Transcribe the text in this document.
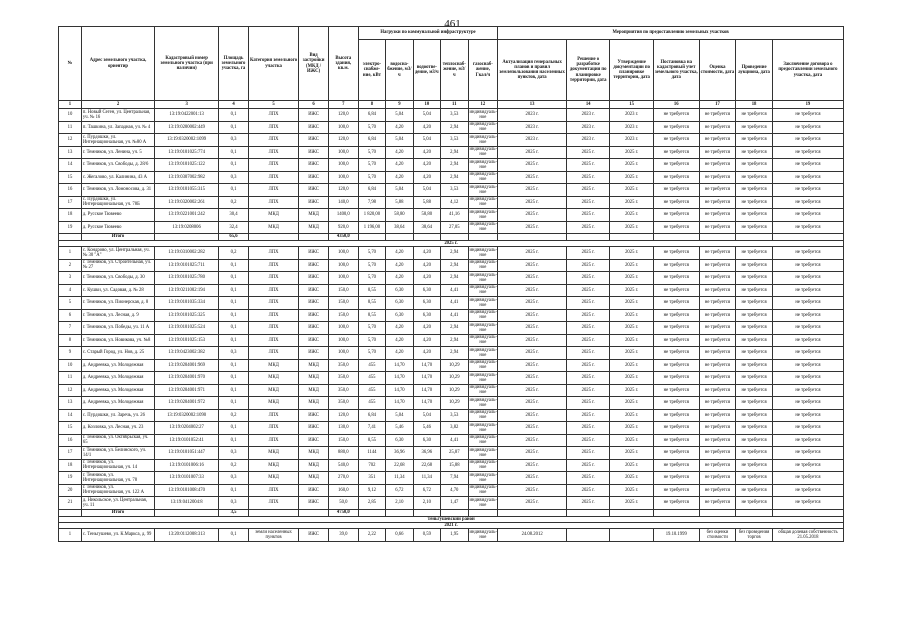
461
№	Адрес земельного участка, ориентир	Кадастровый номер земельного участка (при наличии)	Площадь земельного участка, га	Категория земельного участка	Вид застройки (МКД / ИЖС)	Высота здания, кв.м.	Нагрузки по коммунальной инфраструктуре					Мероприятия по предоставлению земельных участков						
							электро-снабже-ние, кВт	водосна-бжение, м3/ч	водоотве-дение, м3/ч	теплоснаб-жение, м3/ч	газоснаб-жение, Гкал/ч	Актуализация генеральных планов и правил землепользования населенных пунктов, дата	Решение о разработке документации по планировке территории, дата	Утверждение документации по планировке территории, дата	Постановка на кадастровый учет земельного участка, дата	Оценка стоимости, дата	Проведение аукциона, дата	Заключение договора о предоставлении земельного участка, дата
1	2	3	4	5	6	7	8	9	10	11	12	13	14	15	16	17	18	19
10	п. Новый Сеген, ул. Центральная, уч. № 16	13:19:0422001:13	0,1	ЛПХ	ИЖС	120,0	6,84	5,04	5,04	3,53	индивидуаль-ное	2023 г.	2023 г.	2023 г.	не требуется	не требуется	не требуется	не требуется
11	п. Ташкина, ул. Западная, уч. № 4	13:19:0200002:449	0,1	ЛПХ	ИЖС	100,0	5,70	4,20	4,20	2,94	индивидуаль-ное	2023 г.	2023 г.	2023 г.	не требуется	не требуется	не требуется	не требуется
12	с. Пурдошки, ул. Интернациональная, уч. №80 А	13:19:0320002:1099	0,3	ЛПХ	ИЖС	120,0	6,84	5,04	5,04	3,53	индивидуаль-ное	2023 г.	2023 г.	2023 г.	не требуется	не требуется	не требуется	не требуется
13	г. Темников, ул. Ленина, уч. 5	13:19:0101025:774	0,1	ЛПХ	ИЖС	100,0	5,70	4,20	4,20	2,94	индивидуаль-ное	2025 г.	2025 г.	2025 г.	не требуется	не требуется	не требуется	не требуется
14	г. Темников, ул. Свободы, д. 28/6	13:19:0101025:122	0,1	ЛПХ	ИЖС	100,0	5,70	4,20	4,20	2,94	индивидуаль-ное	2025 г.	2025 г.	2025 г.	не требуется	не требуется	не требуется	не требуется
15	с. Жегалово, ул. Калинина, 43 А	13:19:0307002:982	0,3	ЛПХ	ИЖС	100,0	5,70	4,20	4,20	2,94	индивидуаль-ное	2025 г.	2025 г.	2025 г.	не требуется	не требуется	не требуется	не требуется
16	г. Темников, ул. Ломоносова, д. 31	13:19:0101055:315	0,1	ЛПХ	ИЖС	120,0	6,84	5,04	5,04	3,53	индивидуаль-ное	2025 г.	2025 г.	2025 г.	не требуется	не требуется	не требуется	не требуется
17	с. Пурдошки, ул. Интернациональная, уч. 78Б	13:19:0320002:261	0,2	ЛПХ	ИЖС	140,0	7,98	5,88	5,88	4,12	индивидуаль-ное	2025 г.	2025 г.	2025 г.	не требуется	не требуется	не требуется	не требуется
18	д. Русское Тювеево	13:19:0221001:242	30,4	МКД	МКД	1400,0	1 820,00	58,80	58,80	41,16	индивидуаль-ное	2025 г.	2025 г.	2025 г.	не требуется	не требуется	не требуется	не требуется
19	д. Русское Тювеево	13:19:0208006	32,4	МКД	МКД	920,0	1 196,00	38,64	38,64	27,05	индивидуаль-ное	2025 г.	2025 г.	2025 г.	не требуется	не требуется	не требуется	не требуется
	Итого		65,6			4350,0												
2025 г.																		
1	с. Кондрово, ул. Центральная, уч. № 30 "А"	13:19:0310002:282	0,2	ЛПХ	ИЖС	100,0	5,70	4,20	4,20	2,94	индивидуаль-ное	2025 г.	2025 г.	2025 г.	не требуется	не требуется	не требуется	не требуется
2	г. Темников, ул. Строительная, уч. № 27	13:19:0101025:711	0,1	ЛПХ	ИЖС	100,0	5,70	4,20	4,20	2,94	индивидуаль-ное	2025 г.	2025 г.	2025 г.	не требуется	не требуется	не требуется	не требуется
3	г. Темников, ул. Свободы, д. 30	13:19:0101025:780	0,1	ЛПХ	ИЖС	100,0	5,70	4,20	4,20	2,94	индивидуаль-ное	2025 г.	2025 г.	2025 г.	не требуется	не требуется	не требуется	не требуется
4	с. Кушки, ул. Садовая, д. № 28	13:19:0211002:194	0,1	ЛПХ	ИЖС	150,0	8,55	6,30	6,30	4,41	индивидуаль-ное	2025 г.	2025 г.	2025 г.	не требуется	не требуется	не требуется	не требуется
5	г. Темников, ул. Пионерская, д. 8	13:19:0101035:334	0,1	ЛПХ	ИЖС	150,0	8,55	6,30	6,30	4,41	индивидуаль-ное	2025 г.	2025 г.	2025 г.	не требуется	не требуется	не требуется	не требуется
6	г. Темников, ул. Лесная, д. 9	13:19:0101025:325	0,1	ЛПХ	ИЖС	150,0	8,55	6,30	6,30	4,41	индивидуаль-ное	2025 г.	2025 г.	2025 г.	не требуется	не требуется	не требуется	не требуется
7	г. Темников, ул. Победы, уч. 11 А	13:19:0101025:524	0,1	ЛПХ	ИЖС	100,0	5,70	4,20	4,20	2,94	индивидуаль-ное	2025 г.	2025 г.	2025 г.	не требуется	не требуется	не требуется	не требуется
8	г. Темников, ул. Новикова, уч. №8	13:19:0101025:153	0,1	ЛПХ	ИЖС	100,0	5,70	4,20	4,20	2,94	индивидуаль-ное	2025 г.	2025 г.	2025 г.	не требуется	не требуется	не требуется	не требуется
9	с. Старый Город, ул. Нов, д. 25	13:19:0423002:382	0,3	ЛПХ	ИЖС	100,0	5,70	4,20	4,20	2,94	индивидуаль-ное	2025 г.	2025 г.	2025 г.	не требуется	не требуется	не требуется	не требуется
10	д. Андреевка, ул. Молодежная	13:19:0204001:969	0,1	МКД	МКД	350,0	455	14,70	14,70	10,29	индивидуаль-ное	2025 г.	2025 г.	2025 г.	не требуется	не требуется	не требуется	не требуется
11	д. Андреевка, ул. Молодежная	13:19:0204001:970	0,1	МКД	МКД	350,0	455	14,70	14,70	10,29	индивидуаль-ное	2025 г.	2025 г.	2025 г.	не требуется	не требуется	не требуется	не требуется
12	д. Андреевка, ул. Молодежная	13:19:0204001:971	0,1	МКД	МКД	350,0	455	14,70	14,70	10,29	индивидуаль-ное	2025 г.	2025 г.	2025 г.	не требуется	не требуется	не требуется	не требуется
13	д. Андреевка, ул. Молодежная	13:19:0204001:972	0,1	МКД	МКД	350,0	455	14,70	14,70	10,29	индивидуаль-ное	2025 г.	2025 г.	2025 г.	не требуется	не требуется	не требуется	не требуется
14	с. Пурдошки, ул. Заречь, уч. 26	13:19:0320002:1090	0,2	ЛПХ	ИЖС	120,0	6,84	5,04	5,04	3,53	индивидуаль-ное	2025 г.	2025 г.	2025 г.	не требуется	не требуется	не требуется	не требуется
15	д. Козловка, ул. Лесная, уч. 23	13:19:0204002:27	0,1	ЛПХ	ИЖС	130,0	7,41	5,46	5,46	3,82	индивидуаль-ное	2025 г.	2025 г.	2025 г.	не требуется	не требуется	не требуется	не требуется
16	г. Темников, ул. Октябрьская, уч. 65	13:19:0101052:41	0,1	ЛПХ	ИЖС	150,0	8,55	6,30	6,30	4,41	индивидуаль-ное	2025 г.	2025 г.	2025 г.	не требуется	не требуется	не требуется	не требуется
17	г. Темников, ул. Белинского, уч. 14/1	13:19:0101051:447	0,3	МКД	МКД	880,0	1144	36,96	36,96	25,87	индивидуаль-ное	2025 г.	2025 г.	2025 г.	не требуется	не требуется	не требуется	не требуется
18	г. Темников, ул. Интернациональная, уч. 14	13:19:0101006:16	0,2	МКД	МКД	540,0	702	22,68	22,68	15,88	индивидуаль-ное	2025 г.	2025 г.	2025 г.	не требуется	не требуется	не требуется	не требуется
19	г. Темников, ул. Интернациональная, уч. 78	13:19:0101007:33	0,3	МКД	МКД	270,0	351	11,34	11,34	7,94	индивидуаль-ное	2025 г.	2025 г.	2025 г.	не требуется	не требуется	не требуется	не требуется
20	г. Темников, ул. Интернациональная, уч. 122 А	13:19:0101008:470	0,1	ЛПХ	ИЖС	160,0	9,12	6,72	6,72	4,70	индивидуаль-ное	2025 г.	2025 г.	2025 г.	не требуется	не требуется	не требуется	не требуется
21	д. Никольское, ул. Центральная, уч. 11	13:19:0412004:8	0,3	ЛПХ	ИЖС	50,0	2,85	2,10	2,10	1,47	индивидуаль-ное	2025 г.	2025 г.	2025 г.	не требуется	не требуется	не требуется	не требуется
	Итого		3,5			4750,0												
Теньгушевский район																		
2021 г.																		
1	с. Теньгушево, ул. К.Маркса, д. 99	13:20:0112008:313	0,1	земли населенных пунктов	ИЖС	39,0	2,22	0,66	0,59	1,95	индивидуаль-ное	24.08.2012			19.10.1999	без оценки стоимости	без проведения торгов	общая долевая собственность 21.05.2018
